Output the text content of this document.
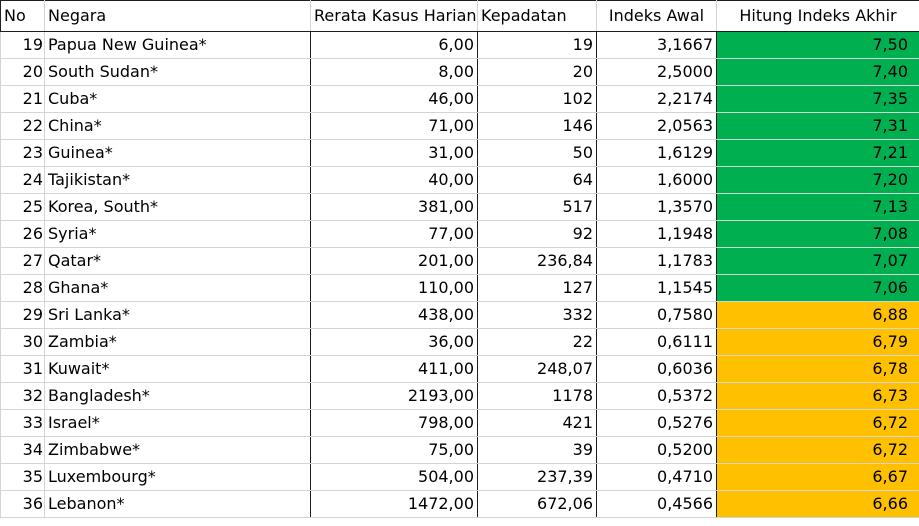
No	Negara	Rerata Kasus Harian	Kepadatan	Indeks Awal	Hitung Indeks Akhir
19	Papua New Guinea*	6,00	19	3,1667	7,50
20	South Sudan*	8,00	20	2,5000	7,40
21	Cuba*	46,00	102	2,2174	7,35
22	China*	71,00	146	2,0563	7,31
23	Guinea*	31,00	50	1,6129	7,21
24	Tajikistan*	40,00	64	1,6000	7,20
25	Korea, South*	381,00	517	1,3570	7,13
26	Syria*	77,00	92	1,1948	7,08
27	Qatar*	201,00	236,84	1,1783	7,07
28	Ghana*	110,00	127	1,1545	7,06
29	Sri Lanka*	438,00	332	0,7580	6,88
30	Zambia*	36,00	22	0,6111	6,79
31	Kuwait*	411,00	248,07	0,6036	6,78
32	Bangladesh*	2193,00	1178	0,5372	6,73
33	Israel*	798,00	421	0,5276	6,72
34	Zimbabwe*	75,00	39	0,5200	6,72
35	Luxembourg*	504,00	237,39	0,4710	6,67
36	Lebanon*	1472,00	672,06	0,4566	6,66
